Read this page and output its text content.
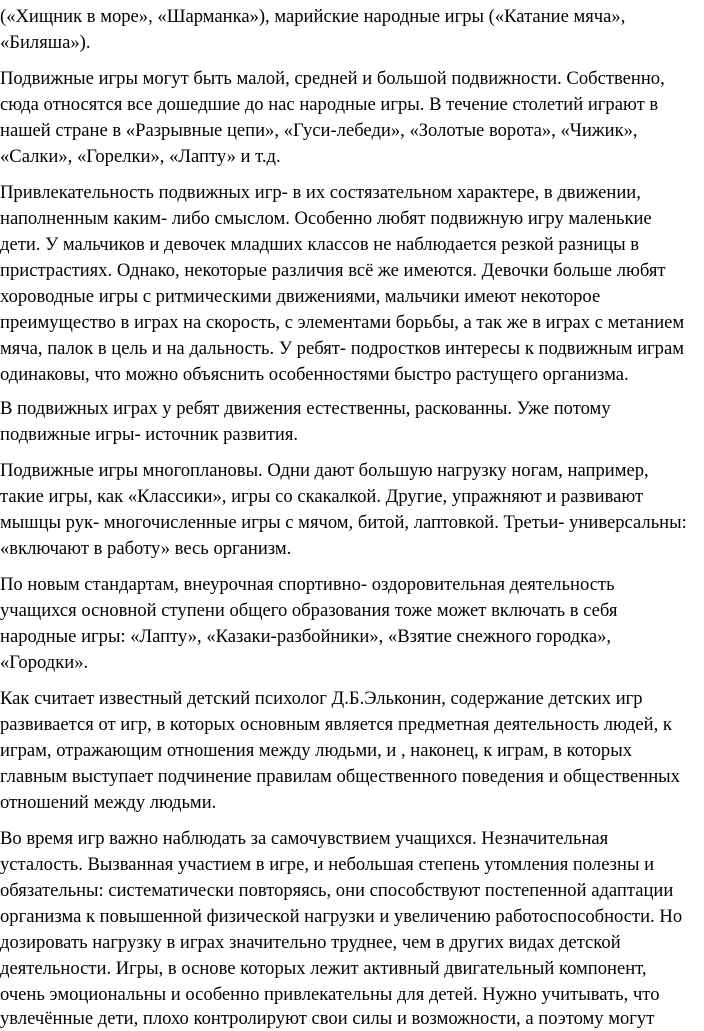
(«Хищник в море», «Шарманка»), марийские народные игры («Катание мяча»,
«Биляша»).
Подвижные игры могут быть малой, средней и большой подвижности. Собственно,
сюда относятся все дошедшие до нас народные игры. В течение столетий играют в
нашей стране в «Разрывные цепи», «Гуси-лебеди», «Золотые ворота», «Чижик»,
«Салки», «Горелки», «Лапту» и т.д.
Привлекательность подвижных игр- в их состязательном характере, в движении,
наполненным каким- либо смыслом. Особенно любят подвижную игру маленькие
дети. У мальчиков и девочек младших классов не наблюдается резкой разницы в
пристрастиях. Однако, некоторые различия всё же имеются. Девочки больше любят
хороводные игры с ритмическими движениями, мальчики имеют некоторое
преимущество в играх на скорость, с элементами борьбы, а так же в играх с метанием
мяча, палок в цель и на дальность. У ребят- подростков интересы к подвижным играм
одинаковы, что можно объяснить особенностями быстро растущего организма.
В подвижных играх у ребят движения естественны, раскованны. Уже потому
подвижные игры- источник развития.
Подвижные игры многоплановы. Одни дают большую нагрузку ногам, например,
такие игры, как «Классики», игры со скакалкой. Другие, упражняют и развивают
мышцы рук- многочисленные игры с мячом, битой, лаптовкой. Третьи- универсальны:
«включают в работу» весь организм.
По новым стандартам, внеурочная спортивно- оздоровительная деятельность
учащихся основной ступени общего образования тоже может включать в себя
народные игры: «Лапту», «Казаки-разбойники», «Взятие снежного городка»,
«Городки».
Как считает известный детский психолог Д.Б.Эльконин, содержание детских игр
развивается от игр, в которых основным является предметная деятельность людей, к
играм, отражающим отношения между людьми, и , наконец, к играм, в которых
главным выступает подчинение правилам общественного поведения и общественных
отношений между людьми.
Во время игр важно наблюдать за самочувствием учащихся. Незначительная
усталость. Вызванная участием в игре, и небольшая степень утомления полезны и
обязательны: систематически повторяясь, они способствуют постепенной адаптации
организма к повышенной физической нагрузки и увеличению работоспособности. Но
дозировать нагрузку в играх значительно труднее, чем в других видах детской
деятельности. Игры, в основе которых лежит активный двигательный компонент,
очень эмоциональны и особенно привлекательны для детей. Нужно учитывать, что
увлечённые дети, плохо контролируют свои силы и возможности, а поэтому могут
